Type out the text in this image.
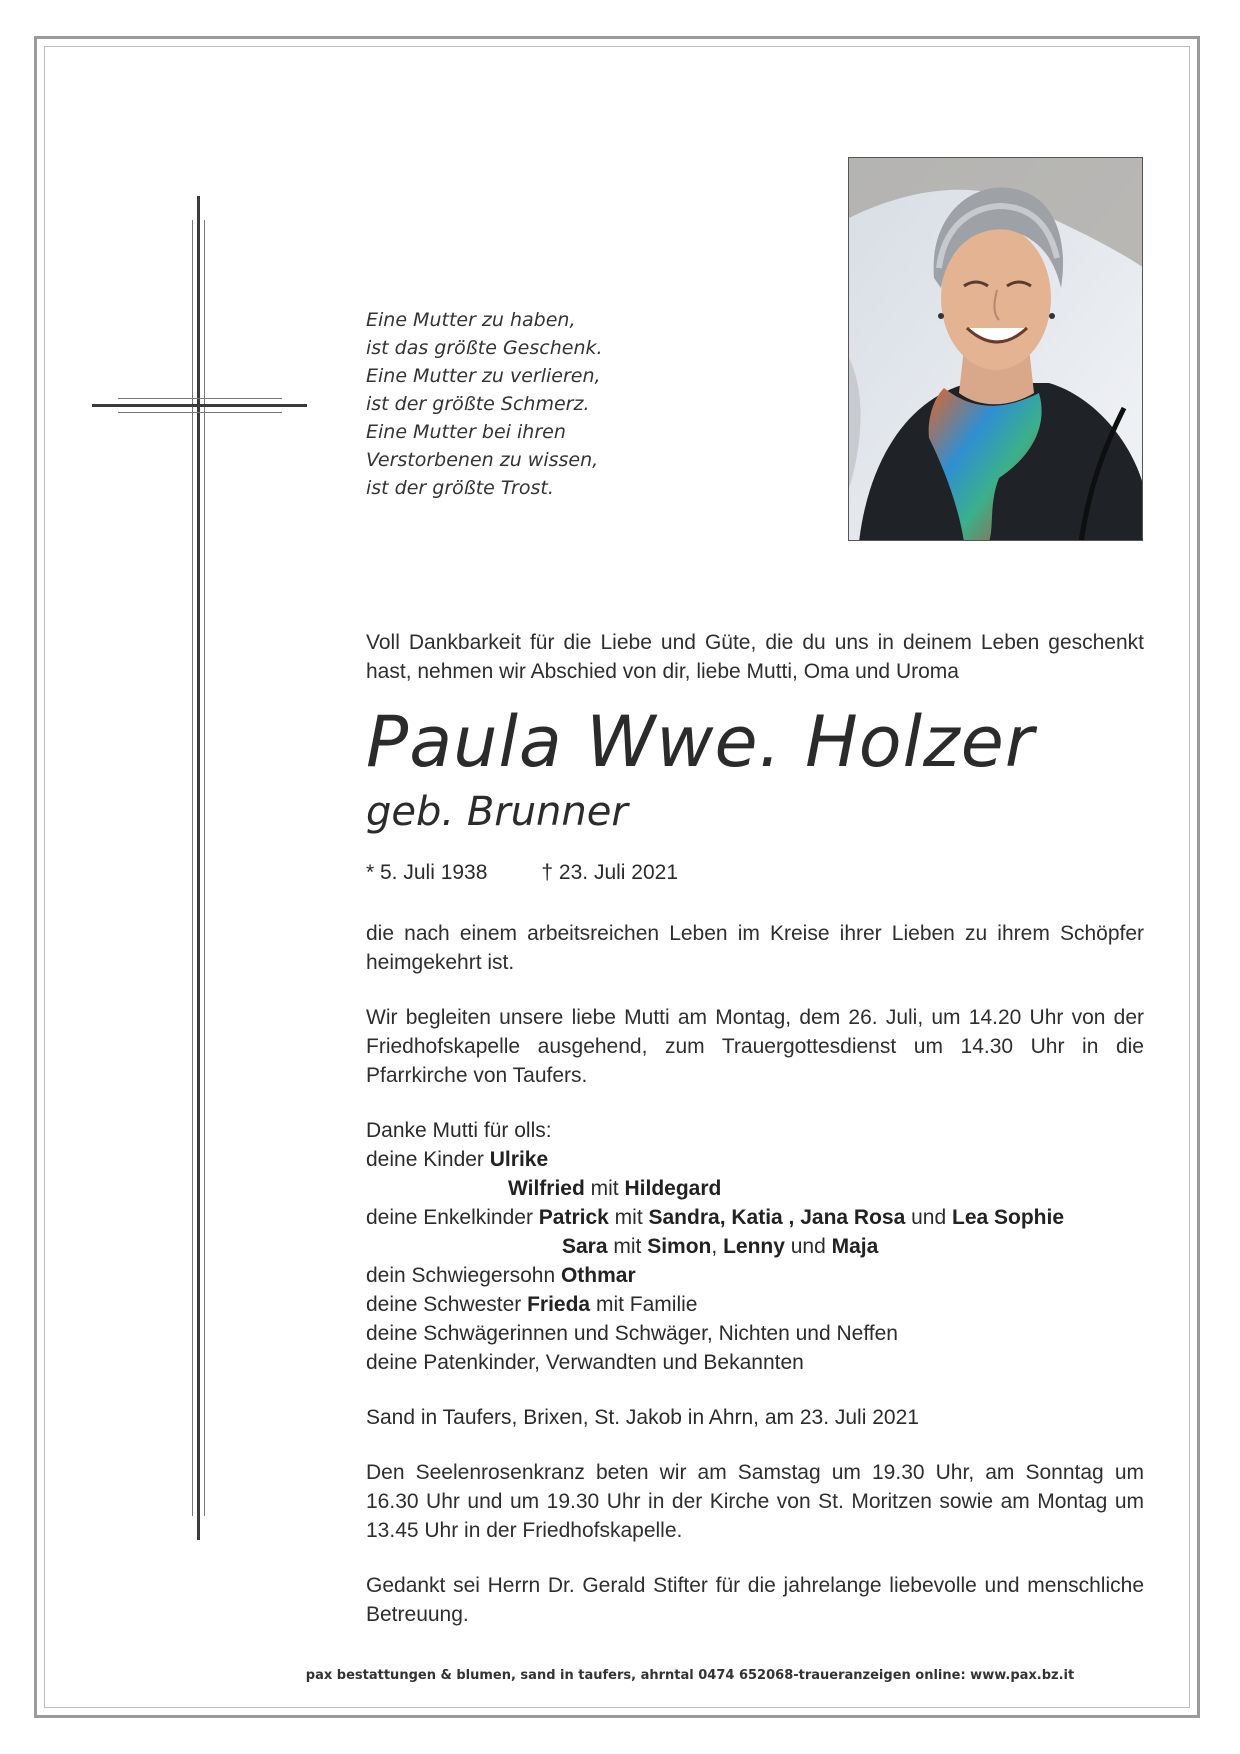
Eine Mutter zu haben,
ist das größte Geschenk.
Eine Mutter zu verlieren,
ist der größte Schmerz.
Eine Mutter bei ihren
Verstorbenen zu wissen,
ist der größte Trost.

Voll Dankbarkeit für die Liebe und Güte, die du uns in deinem Leben geschenkt hast, nehmen wir Abschied von dir, liebe Mutti, Oma und Uroma

Paula Wwe. Holzer
geb. Brunner
* 5. Juli 1938	† 23. Juli 2021

die nach einem arbeitsreichen Leben im Kreise ihrer Lieben zu ihrem Schöpfer heimgekehrt ist.

Wir begleiten unsere liebe Mutti am Montag, dem 26. Juli, um 14.20 Uhr von der Friedhofskapelle ausgehend, zum Trauergottesdienst um 14.30 Uhr in die Pfarrkirche von Taufers.

Danke Mutti für olls:
deine Kinder Ulrike
Wilfried mit Hildegard
deine Enkelkinder Patrick mit Sandra, Katia , Jana Rosa und Lea Sophie
Sara mit Simon, Lenny und Maja
dein Schwiegersohn Othmar
deine Schwester Frieda mit Familie
deine Schwägerinnen und Schwäger, Nichten und Neffen
deine Patenkinder, Verwandten und Bekannten
Sand in Taufers, Brixen, St. Jakob in Ahrn, am 23. Juli 2021

Den Seelenrosenkranz beten wir am Samstag um 19.30 Uhr, am Sonntag um 16.30 Uhr und um 19.30 Uhr in der Kirche von St. Moritzen sowie am Montag um 13.45 Uhr in der Friedhofskapelle.

Gedankt sei Herrn Dr. Gerald Stifter für die jahrelange liebevolle und menschliche Betreuung.

pax bestattungen & blumen, sand in taufers, ahrntal 0474 652068-traueranzeigen online: www.pax.bz.it
